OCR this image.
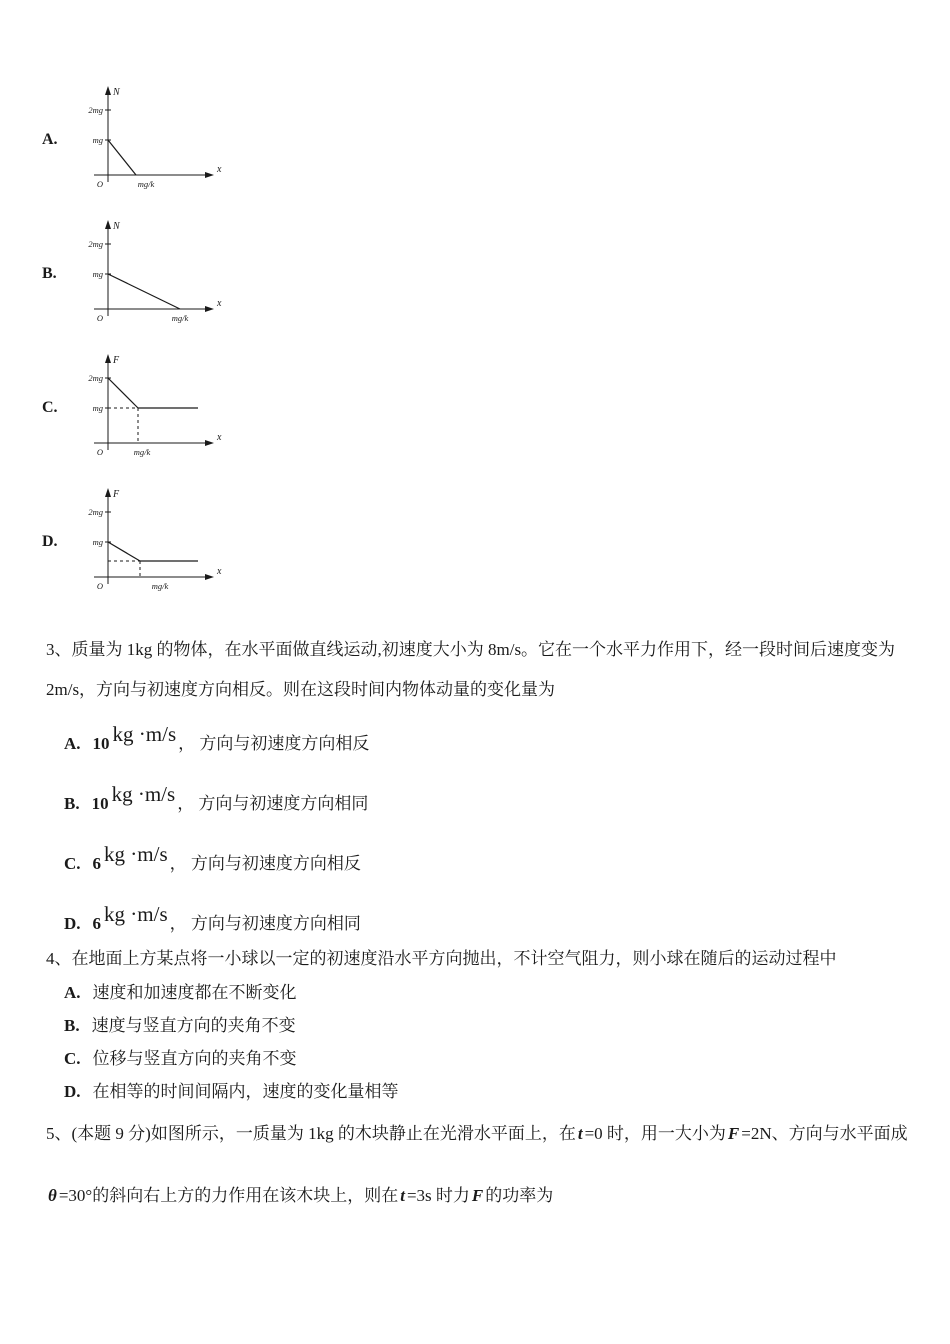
A.
N
x
2mg
mg
O	mg/k
B.
N
x
2mg
mg
O	mg/k
C.
F
x
2mg
mg
O	mg/k
D.
F
x
2mg
mg
O	mg/k

3、质量为 1kg 的物体，在水平面做直线运动,初速度大小为 8m/s。它在一个水平力作用下，经一段时间后速度变为

2m/s，方向与初速度方向相反。则在这段时间内物体动量的变化量为

A. 10 kg ·m/s ， 方向与初速度方向相反

B. 10 kg ·m/s ， 方向与初速度方向相同

C. 6 kg ·m/s ， 方向与初速度方向相反

D. 6 kg ·m/s ， 方向与初速度方向相同

4、在地面上方某点将一小球以一定的初速度沿水平方向抛出，不计空气阻力，则小球在随后的运动过程中

A. 速度和加速度都在不断变化

B. 速度与竖直方向的夹角不变

C. 位移与竖直方向的夹角不变

D. 在相等的时间间隔内，速度的变化量相等

5、(本题 9 分)如图所示，一质量为 1kg 的木块静止在光滑水平面上，在 t =0 时，用一大小为 F =2N、方向与水平面成

θ =30°的斜向右上方的力作用在该木块上，则在 t =3s 时力 F 的功率为
